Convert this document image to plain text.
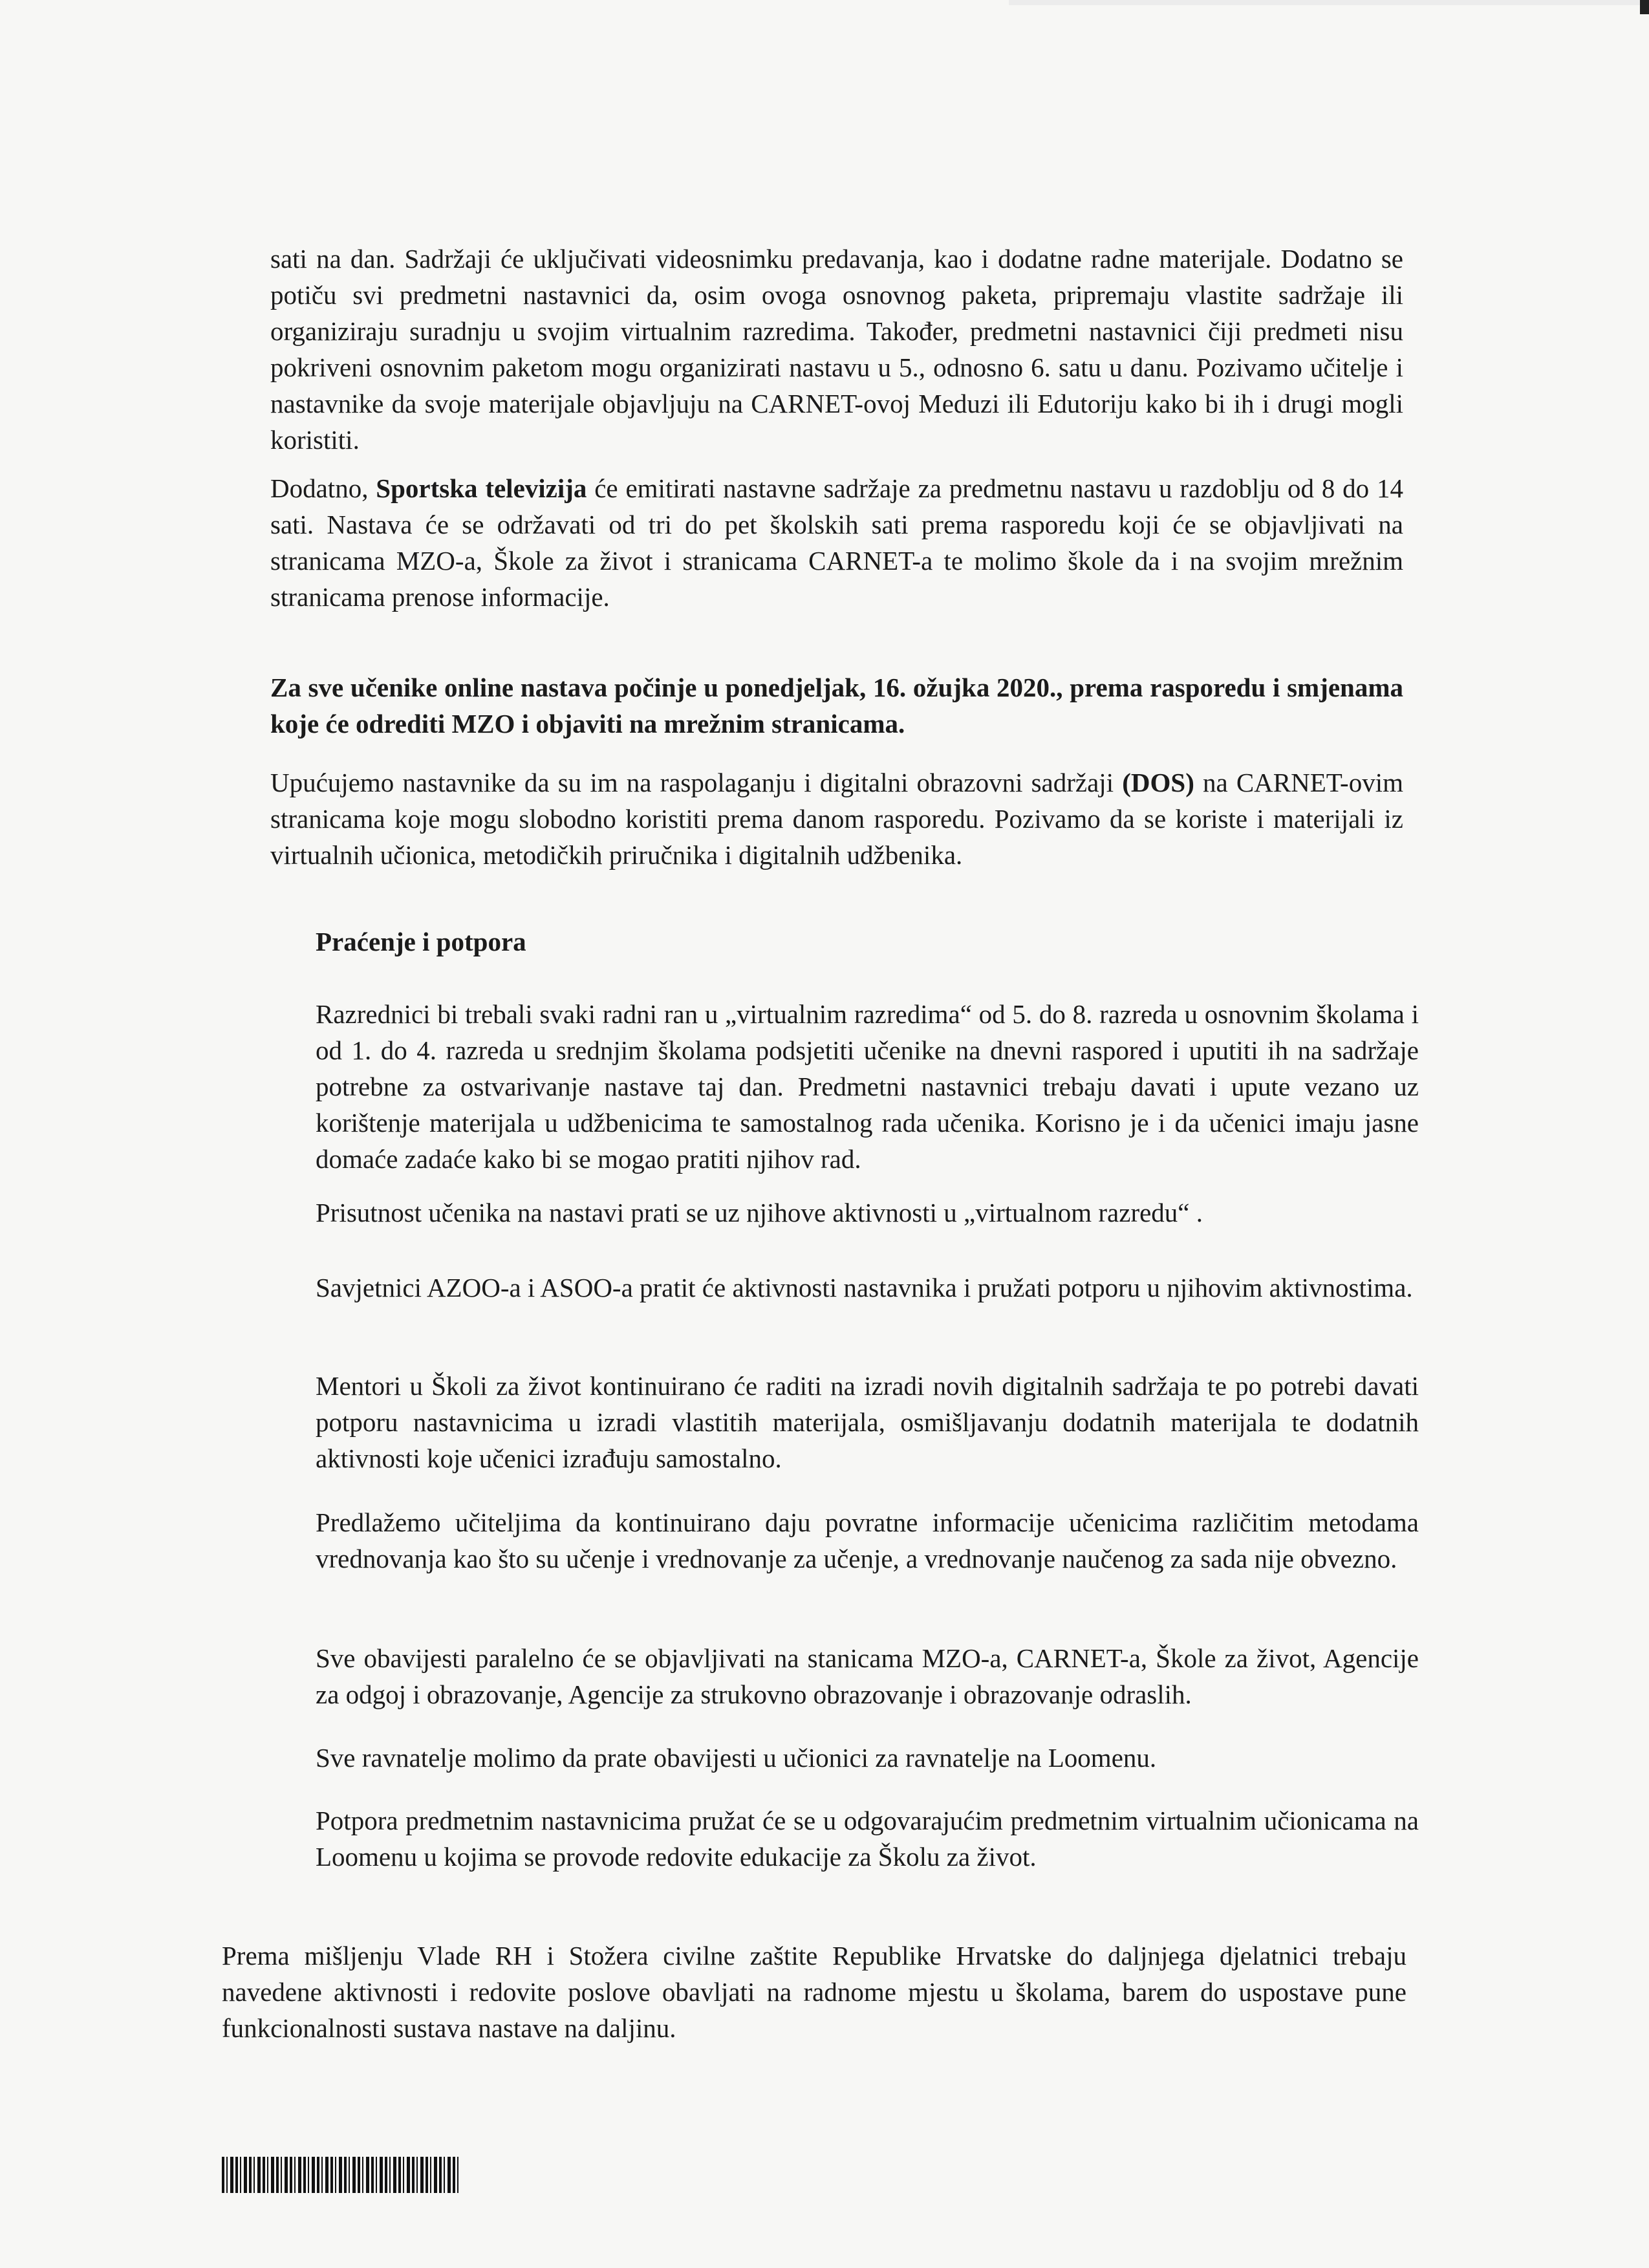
sati na dan. Sadržaji će uključivati videosnimku predavanja, kao i dodatne radne materijale. Dodatno se potiču svi predmetni nastavnici da, osim ovoga osnovnog paketa, pripremaju vlastite sadržaje ili organiziraju suradnju u svojim virtualnim razredima. Također, predmetni nastavnici čiji predmeti nisu pokriveni osnovnim paketom mogu organizirati nastavu u 5., odnosno 6. satu u danu. Pozivamo učitelje i nastavnike da svoje materijale objavljuju na CARNET-ovoj Meduzi ili Edutoriju kako bi ih i drugi mogli koristiti.

Dodatno, Sportska televizija će emitirati nastavne sadržaje za predmetnu nastavu u razdoblju od 8 do 14 sati. Nastava će se održavati od tri do pet školskih sati prema rasporedu koji će se objavljivati na stranicama MZO-a, Škole za život i stranicama CARNET-a te molimo škole da i na svojim mrežnim stranicama prenose informacije.

Za sve učenike online nastava počinje u ponedjeljak, 16. ožujka 2020., prema rasporedu i smjenama koje će odrediti MZO i objaviti na mrežnim stranicama.

Upućujemo nastavnike da su im na raspolaganju i digitalni obrazovni sadržaji (DOS) na CARNET-ovim stranicama koje mogu slobodno koristiti prema danom rasporedu. Pozivamo da se koriste i materijali iz virtualnih učionica, metodičkih priručnika i digitalnih udžbenika.

Praćenje i potpora

Razrednici bi trebali svaki radni ran u „virtualnim razredima“ od 5. do 8. razreda u osnovnim školama i od 1. do 4. razreda u srednjim školama podsjetiti učenike na dnevni raspored i uputiti ih na sadržaje potrebne za ostvarivanje nastave taj dan. Predmetni nastavnici trebaju davati i upute vezano uz korištenje materijala u udžbenicima te samostalnog rada učenika. Korisno je i da učenici imaju jasne domaće zadaće kako bi se mogao pratiti njihov rad.

Prisutnost učenika na nastavi prati se uz njihove aktivnosti u „virtualnom razredu“ .

Savjetnici AZOO-a i ASOO-a pratit će aktivnosti nastavnika i pružati potporu u njihovim aktivnostima.

Mentori u Školi za život kontinuirano će raditi na izradi novih digitalnih sadržaja te po potrebi davati potporu nastavnicima u izradi vlastitih materijala, osmišljavanju dodatnih materijala te dodatnih aktivnosti koje učenici izrađuju samostalno.

Predlažemo učiteljima da kontinuirano daju povratne informacije učenicima različitim metodama vrednovanja kao što su učenje i vrednovanje za učenje, a vrednovanje naučenog za sada nije obvezno.

Sve obavijesti paralelno će se objavljivati na stanicama MZO-a, CARNET-a, Škole za život, Agencije za odgoj i obrazovanje, Agencije za strukovno obrazovanje i obrazovanje odraslih.

Sve ravnatelje molimo da prate obavijesti u učionici za ravnatelje na Loomenu.

Potpora predmetnim nastavnicima pružat će se u odgovarajućim predmetnim virtualnim učionicama na Loomenu u kojima se provode redovite edukacije za Školu za život.

Prema mišljenju Vlade RH i Stožera civilne zaštite Republike Hrvatske do daljnjega djelatnici trebaju navedene aktivnosti i redovite poslove obavljati na radnome mjestu u školama, barem do uspostave pune funkcionalnosti sustava nastave na daljinu.
